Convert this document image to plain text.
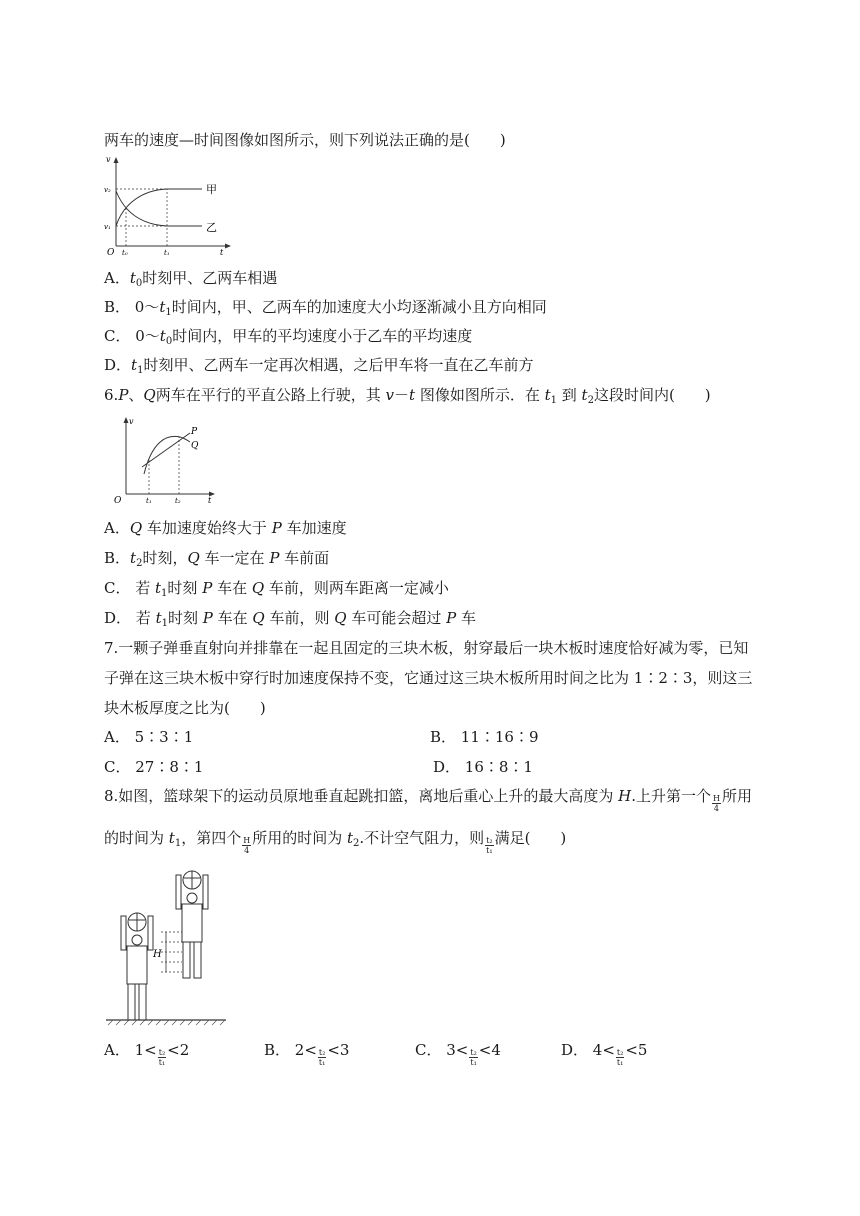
两车的速度—时间图像如图所示，则下列说法正确的是(　　)
v
v₂
v₁
O t₀	t₁	t
甲
乙
A．$t_0$时刻甲、乙两车相遇
B． $0\sim t_1$时间内，甲、乙两车的加速度大小均逐渐减小且方向相同
C． $0\sim t_0$时间内，甲车的平均速度小于乙车的平均速度
D．$t_1$时刻甲、乙两车一定再次相遇，之后甲车将一直在乙车前方
6.P、Q两车在平行的平直公路上行驶，其 v－t 图像如图所示．在 $t_1$ 到 $t_2$这段时间内(　　)
v
O	t₁	t₂	t
P
Q
A．Q 车加速度始终大于 P 车加速度
B．$t_2$时刻，Q 车一定在 P 车前面
C． 若 $t_1$时刻 P 车在 Q 车前，则两车距离一定减小
D． 若 $t_1$时刻 P 车在 Q 车前，则 Q 车可能会超过 P 车
7.一颗子弹垂直射向并排靠在一起且固定的三块木板，射穿最后一块木板时速度恰好减为零，已知
子弹在这三块木板中穿行时加速度保持不变，它通过这三块木板所用时间之比为 1∶2∶3，则这三
块木板厚度之比为(　　)
A． 5∶3∶1	B． 11∶16∶9
C． 27∶8∶1	D． 16∶8∶1
8.如图，篮球架下的运动员原地垂直起跳扣篮，离地后重心上升的最大高度为 H.上升第一个 $\frac{H}{4}$ 所用
的时间为 $t_1$，第四个 $\frac{H}{4}$ 所用的时间为 $t_2$.不计空气阻力，则 $\frac{\text{t₂}}{\text{t₁}}$ 满足(　　)
H
A． $1< \frac{\text{t₂}}{\text{t₁}} <2$	B． $2< \frac{\text{t₂}}{\text{t₁}} <3$	C． $3< \frac{\text{t₂}}{\text{t₁}} <4$	D． $4< \frac{\text{t₂}}{\text{t₁}} <5$
